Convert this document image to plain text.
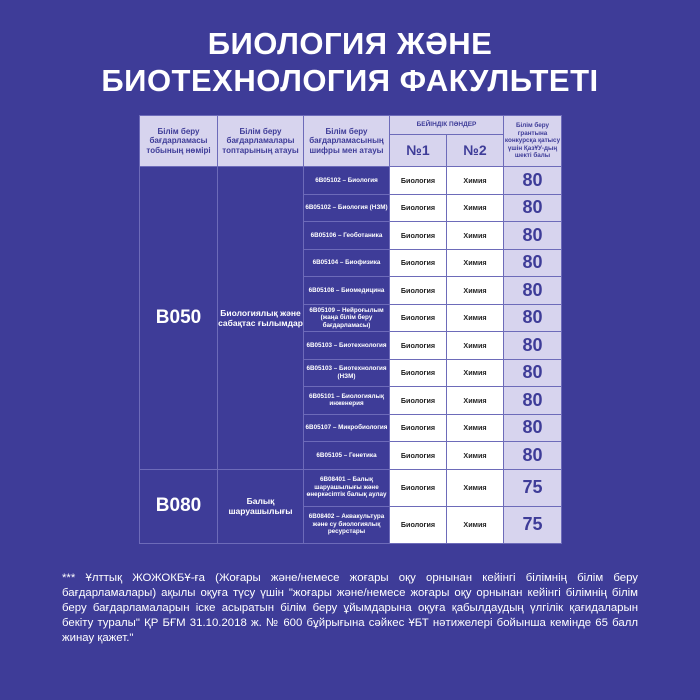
БИОЛОГИЯ ЖӘНЕ
БИОТЕХНОЛОГИЯ ФАКУЛЬТЕТІ
Білім беру бағдарламасы тобының нөмірі	Білім беру бағдарламалары топтарының атауы	Білім беру бағдарламасының шифры мен атауы	БЕЙІНДІК ПӘНДЕР		Білім беру грантына конкурсқа қатысу үшін ҚазҰУ-дың шекті балы
			№1	№2	
В050	Биологиялық және сабақтас ғылымдар	6В05102 – Биология	Биология	Химия	80
		6В05102 – Биология (НЗМ)	Биология	Химия	80
		6В05106 – Геоботаника	Биология	Химия	80
		6В05104 – Биофизика	Биология	Химия	80
		6В05108 – Биомедицина	Биология	Химия	80
		6В05109 – Нейроғылым (жаңа білім беру бағдарламасы)	Биология	Химия	80
		6В05103 – Биотехнология	Биология	Химия	80
		6В05103 – Биотехнология (НЗМ)	Биология	Химия	80
		6В05101 – Биологиялық инженерия	Биология	Химия	80
		6В05107 – Микробиология	Биология	Химия	80
		6В05105 – Генетика	Биология	Химия	80
В080	Балық шаруашылығы	6В08401 – Балық шаруашылығы және өнеркәсіптік балық аулау	Биология	Химия	75
		6В08402 – Аквакультура және су биологиялық ресурстары	Биология	Химия	75
*** Ұлттық ЖОЖОКБҰ-ға (Жоғары және/немесе жоғары оқу орнынан кейінгі білімнің білім беру бағдарламалары) ақылы оқуға түсу үшін "жоғары және/немесе жоғары оқу орнынан кейінгі білімнің білім беру бағдарламаларын іске асыратын білім беру ұйымдарына оқуға қабылдаудың үлгілік қағидаларын бекіту туралы" ҚР БҒМ 31.10.2018 ж. № 600 бұйрығына сәйкес ҰБТ нәтижелері бойынша кемінде 65 балл жинау қажет."
